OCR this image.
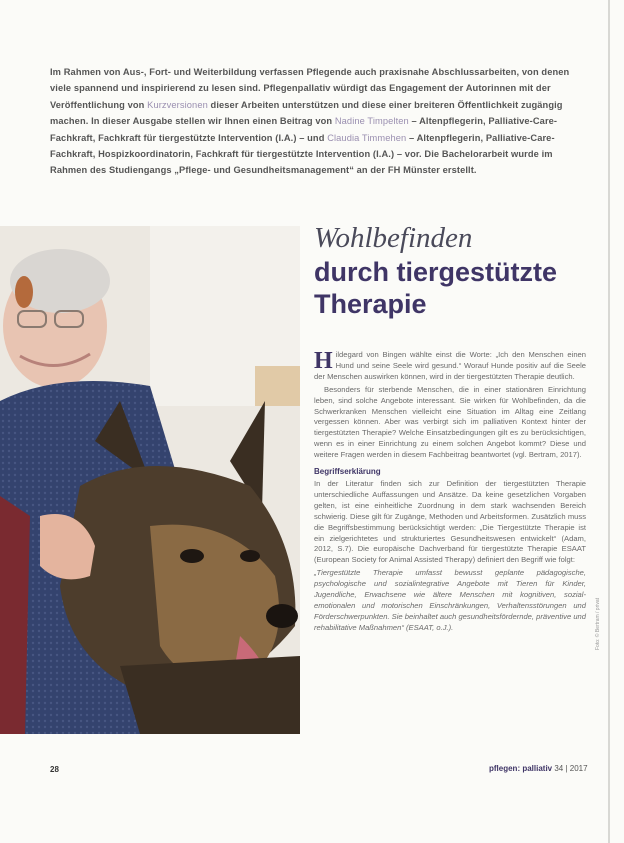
Im Rahmen von Aus-, Fort- und Weiterbildung verfassen Pflegende auch praxisnahe Abschlussarbeiten, von denen viele spannend und inspirierend zu lesen sind. Pflegenpallativ würdigt das Engagement der Autorinnen mit der Veröffentlichung von Kurzversionen dieser Arbeiten unterstützen und diese einer breiteren Öffentlichkeit zugängig machen. In dieser Ausgabe stellen wir Ihnen einen Beitrag von Nadine Timpelten – Altenpflegerin, Palliative-Care-Fachkraft, Fachkraft für tiergestützte Intervention (I.A.) – und Claudia Timmehen – Altenpflegerin, Palliative-Care-Fachkraft, Hospizkoordinatorin, Fachkraft für tiergestützte Intervention (I.A.) – vor. Die Bachelorarbeit wurde im Rahmen des Studiengangs „Pflege- und Gesundheitsmanagement“ an der FH Münster erstellt.
Wohlbefinden
durch tiergestützte Therapie

Hildegard von Bingen wählte einst die Worte: „Ich den Menschen einen Hund und seine Seele wird gesund.“ Worauf Hunde positiv auf die Seele der Menschen auswirken können, wird in der tiergestützten Therapie deutlich.

Besonders für sterbende Menschen, die in einer stationären Einrichtung leben, sind solche Angebote interessant. Sie wirken für Wohlbefinden, da die Schwerkranken Menschen vielleicht eine Situation im Alltag eine Zeitlang vergessen können. Aber was verbirgt sich im palliativen Kontext hinter der tiergestützten Therapie? Welche Einsatzbedingungen gilt es zu berücksichtigen, wenn es in einer Einrichtung zu einem solchen Angebot kommt? Diese und weitere Fragen werden in diesem Fachbeitrag beantwortet (vgl. Bertram, 2017).

Begriffserklärung

In der Literatur finden sich zur Definition der tiergestützten Therapie unterschiedliche Auffassungen und Ansätze. Da keine gesetzlichen Vorgaben gelten, ist eine einheitliche Zuordnung in dem stark wachsenden Bereich schwierig. Diese gilt für Zugänge, Methoden und Arbeitsformen. Zusätzlich muss die Begriffsbestimmung berücksichtigt werden: „Die Tiergestützte Therapie ist ein zielgerichtetes und strukturiertes Gesundheitswesen entwickelt“ (Adam, 2012, S.7). Die europäische Dachverband für tiergestützte Therapie ESAAT (European Society for Animal Assisted Therapy) definiert den Begriff wie folgt:

„Tiergestützte Therapie umfasst bewusst geplante pädagogische, psychologische und sozialintegrative Angebote mit Tieren für Kinder, Jugendliche, Erwachsene wie ältere Menschen mit kognitiven, sozial-emotionalen und motorischen Einschränkungen, Verhaltensstörungen und Förderschwerpunkten. Sie beinhaltet auch gesundheitsfördernde, präventive und rehabilitative Maßnahmen“ (ESAAT, o.J.).	Foto: © Bertram / privat
28	pflegen: palliativ 34 | 2017
